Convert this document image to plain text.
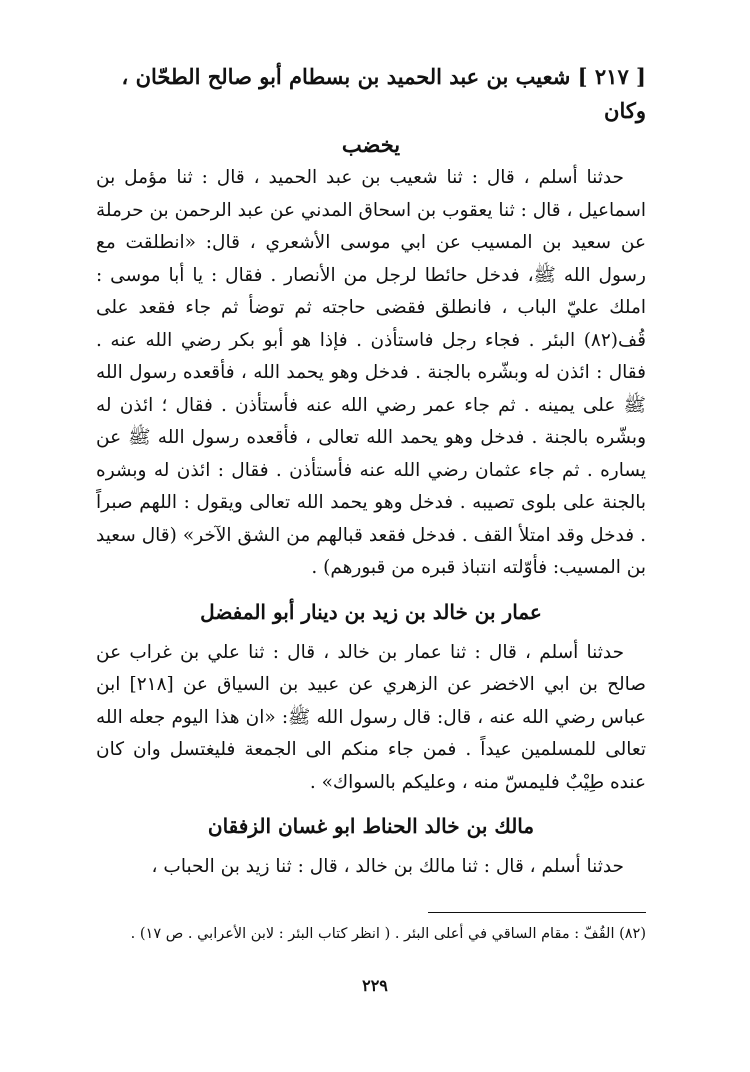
[ ٢١٧ ] شعيب بن عبد الحميد بن بسطام أبو صالح الطحّان ، وكان
يخضب

حدثنا أسلم ، قال : ثنا شعيب بن عبد الحميد ، قال : ثنا مؤمل بن اسماعيل ، قال : ثنا يعقوب بن اسحاق المدني عن عبد الرحمن بن حرملة عن سعيد بن المسيب عن ابي موسى الأشعري ، قال: «انطلقت مع رسول الله ﷺ، فدخل حائطا لرجل من الأنصار . فقال : يا أبا موسى : املك عليّ الباب ، فانطلق فقضى حاجته ثم توضأ ثم جاء فقعد على قُف(٨٢) البئر . فجاء رجل فاستأذن . فإذا هو أبو بكر رضي الله عنه . فقال : ائذن له وبشّره بالجنة . فدخل وهو يحمد الله ، فأقعده رسول الله ﷺ على يمينه . ثم جاء عمر رضي الله عنه فأستأذن . فقال ؛ ائذن له وبشّره بالجنة . فدخل وهو يحمد الله تعالى ، فأقعده رسول الله ﷺ عن يساره . ثم جاء عثمان رضي الله عنه فأستأذن . فقال : ائذن له وبشره بالجنة على بلوى تصيبه . فدخل وهو يحمد الله تعالى ويقول : اللهم صبراً . فدخل وقد امتلأ القف . فدخل فقعد قبالهم من الشق الآخر» (قال سعيد بن المسيب: فأوّلته انتباذ قبره من قبورهم) .

عمار بن خالد بن زيد بن دينار أبو المفضل

حدثنا أسلم ، قال : ثنا عمار بن خالد ، قال : ثنا علي بن غراب عن صالح بن ابي الاخضر عن الزهري عن عبيد بن السياق عن [٢١٨] ابن عباس رضي الله عنه ، قال: قال رسول الله ﷺ: «ان هذا اليوم جعله الله تعالى للمسلمين عيداً . فمن جاء منكم الى الجمعة فليغتسل وان كان عنده طِيْبٌ فليمسّ منه ، وعليكم بالسواك» .

مالك بن خالد الحناط ابو غسان الزفقان

حدثنا أسلم ، قال : ثنا مالك بن خالد ، قال : ثنا زيد بن الحباب ،

(٨٢) القُفّ : مقام الساقي في أعلى البئر . ( انظر كتاب البئر : لابن الأعرابي . ص ١٧) .
٢٢٩
